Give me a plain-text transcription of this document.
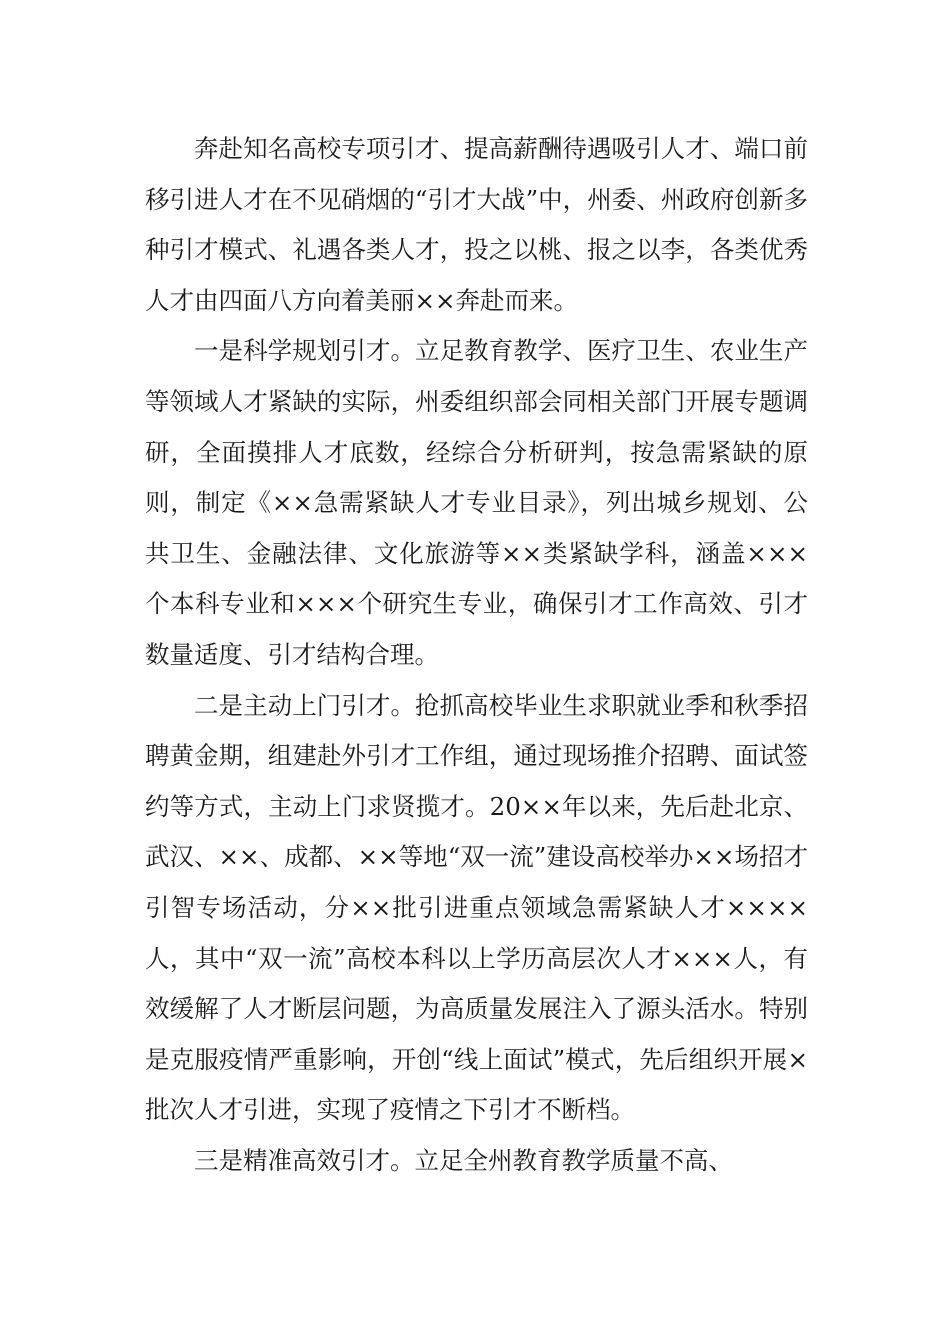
奔赴知名高校专项引才、提高薪酬待遇吸引人才、端口前移引进人才在不见硝烟的“引才大战”中，州委、州政府创新多种引才模式、礼遇各类人才，投之以桃、报之以李，各类优秀人才由四面八方向着美丽××奔赴而来。

一是科学规划引才。立足教育教学、医疗卫生、农业生产等领域人才紧缺的实际，州委组织部会同相关部门开展专题调研，全面摸排人才底数，经综合分析研判，按急需紧缺的原则，制定《××急需紧缺人才专业目录》，列出城乡规划、公共卫生、金融法律、文化旅游等××类紧缺学科，涵盖×××个本科专业和×××个研究生专业，确保引才工作高效、引才数量适度、引才结构合理。

二是主动上门引才。抢抓高校毕业生求职就业季和秋季招聘黄金期，组建赴外引才工作组，通过现场推介招聘、面试签约等方式，主动上门求贤揽才。20××年以来，先后赴北京、武汉、××、成都、××等地“双一流”建设高校举办××场招才引智专场活动，分××批引进重点领域急需紧缺人才××××人，其中“双一流”高校本科以上学历高层次人才×××人，有效缓解了人才断层问题，为高质量发展注入了源头活水。特别是克服疫情严重影响，开创“线上面试”模式，先后组织开展×批次人才引进，实现了疫情之下引才不断档。

三是精准高效引才。立足全州教育教学质量不高、
